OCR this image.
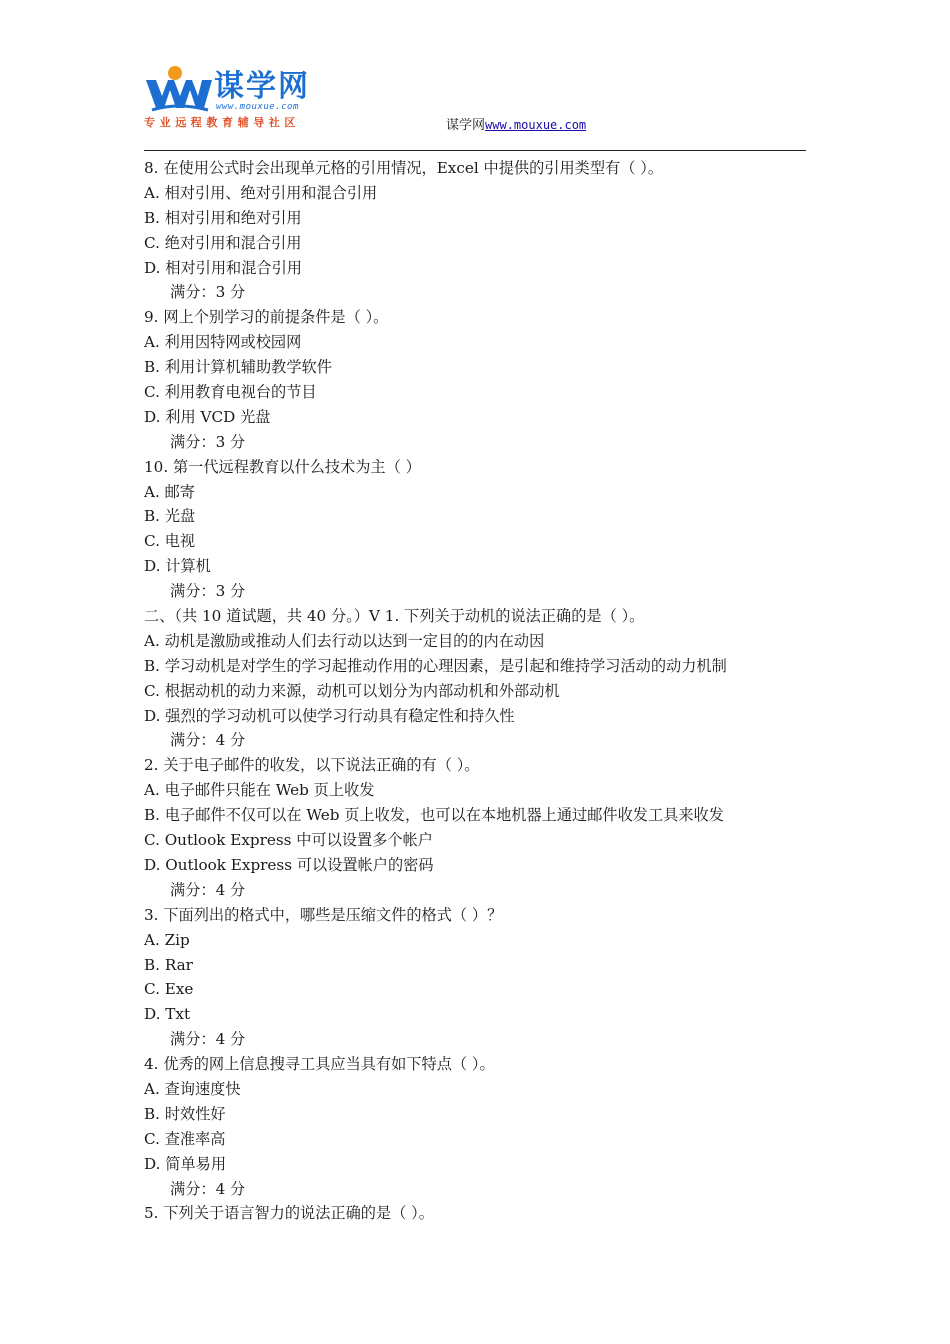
谋学网
www.mouxue.com
专业远程教育辅导社区	谋学网www.mouxue.com
8. 在使用公式时会出现单元格的引用情况，Excel 中提供的引用类型有（ ）。
A. 相对引用、绝对引用和混合引用
B. 相对引用和绝对引用
C. 绝对引用和混合引用
D. 相对引用和混合引用
满分：3 分
9. 网上个别学习的前提条件是（ ）。
A. 利用因特网或校园网
B. 利用计算机辅助教学软件
C. 利用教育电视台的节目
D. 利用 VCD 光盘
满分：3 分
10. 第一代远程教育以什么技术为主（ ）
A. 邮寄
B. 光盘
C. 电视
D. 计算机
满分：3 分
二、（共 10 道试题，共 40 分。）V 1. 下列关于动机的说法正确的是（ ）。
A. 动机是激励或推动人们去行动以达到一定目的的内在动因
B. 学习动机是对学生的学习起推动作用的心理因素，是引起和维持学习活动的动力机制
C. 根据动机的动力来源，动机可以划分为内部动机和外部动机
D. 强烈的学习动机可以使学习行动具有稳定性和持久性
满分：4 分
2. 关于电子邮件的收发，以下说法正确的有（ ）。
A. 电子邮件只能在 Web 页上收发
B. 电子邮件不仅可以在 Web 页上收发，也可以在本地机器上通过邮件收发工具来收发
C. Outlook Express 中可以设置多个帐户
D. Outlook Express 可以设置帐户的密码
满分：4 分
3. 下面列出的格式中，哪些是压缩文件的格式（ ）？
A. Zip
B. Rar
C. Exe
D. Txt
满分：4 分
4. 优秀的网上信息搜寻工具应当具有如下特点（ ）。
A. 查询速度快
B. 时效性好
C. 查准率高
D. 简单易用
满分：4 分
5. 下列关于语言智力的说法正确的是（ ）。
